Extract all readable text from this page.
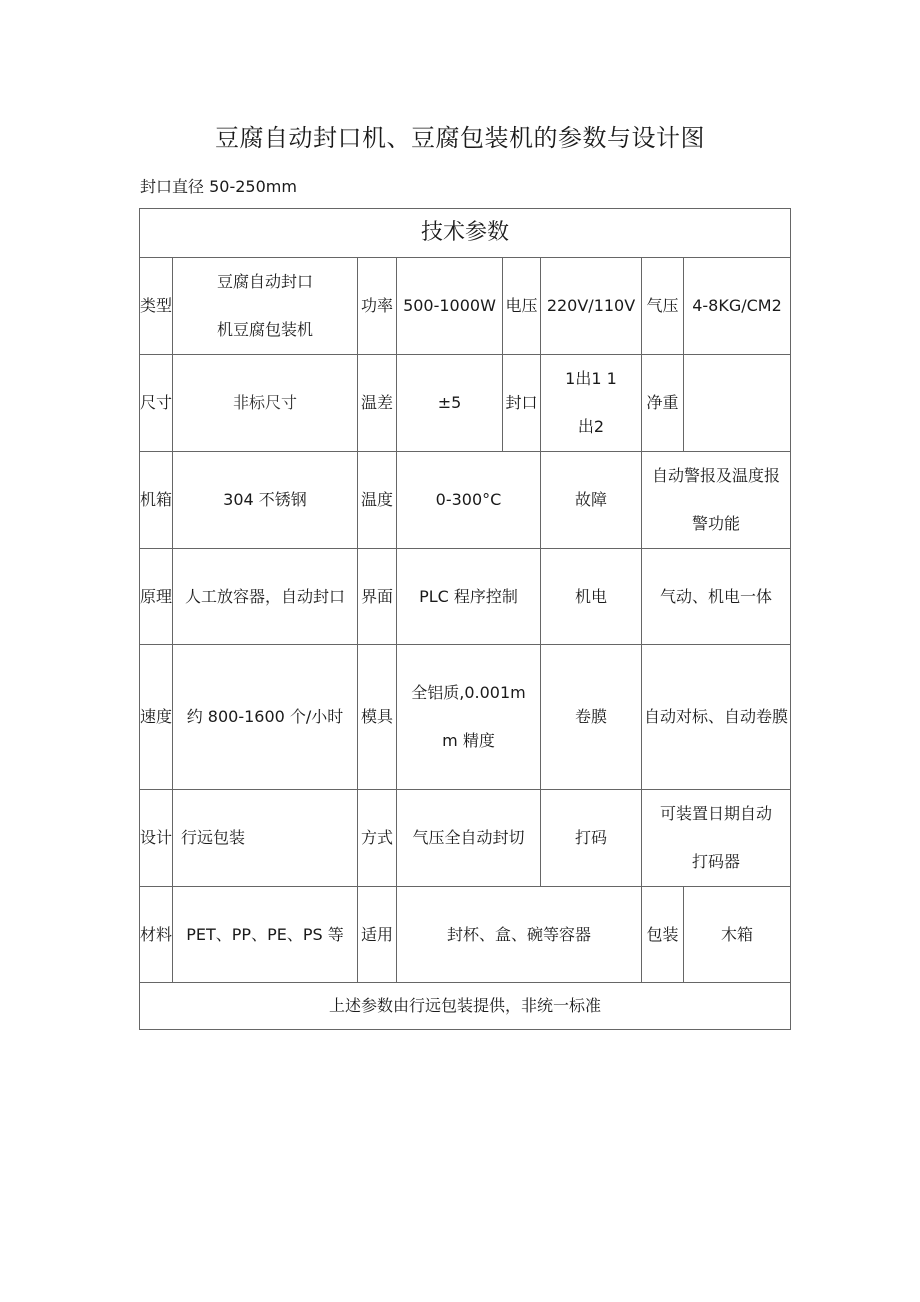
豆腐自动封口机、豆腐包装机的参数与设计图
封口直径 50-250mm
技术参数							
类型	豆腐自动封口机豆腐包装机	功率	500-1000W	电压	220V/110V	气压	4-8KG/CM2
尺寸	非标尺寸	温差	±5	封口	1出1 1出2	净重	
机箱	304 不锈钢	温度	0-300°C		故障	自动警报及温度报警功能	
原理	人工放容器，自动封口	界面	PLC 程序控制		机电	气动、机电一体	
速度	约 800-1600 个/小时	模具	全铝质,0.001mm 精度		卷膜	自动对标、自动卷膜	
设计	行远包装	方式	气压全自动封切		打码	可装置日期自动打码器	
材料	PET、PP、PE、PS 等	适用	封杯、盒、碗等容器			包装	木箱
上述参数由行远包装提供，非统一标准							
